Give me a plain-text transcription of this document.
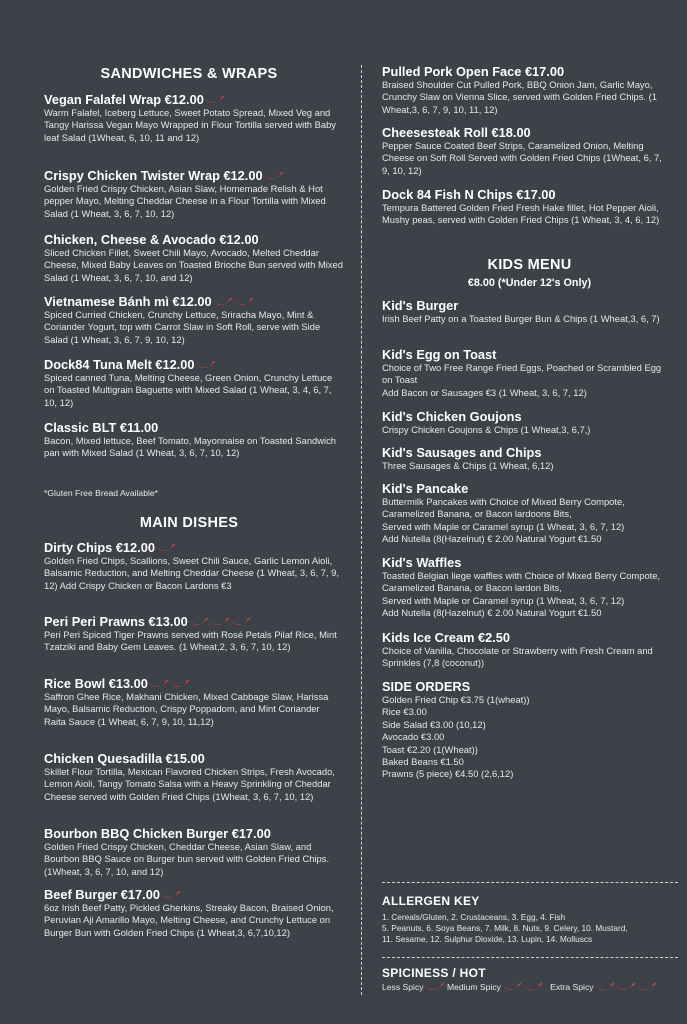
SANDWICHES & WRAPS
Vegan Falafel Wrap €12.00
Warm Falafel, Iceberg Lettuce, Sweet Potato Spread, Mixed Veg and Tangy Harissa Vegan Mayo Wrapped in Flour Tortilla served with Baby leaf Salad (1Wheat, 6, 10, 11 and 12)
Crispy Chicken Twister Wrap €12.00
Golden Fried Crispy Chicken, Asian Slaw, Homemade Relish & Hot pepper Mayo, Melting Cheddar Cheese in a Flour Tortilla with Mixed Salad (1 Wheat, 3, 6, 7, 10, 12)
Chicken, Cheese & Avocado €12.00
Sliced Chicken Fillet, Sweet Chili Mayo, Avocado, Melted Cheddar Cheese, Mixed Baby Leaves on Toasted Brioche Bun served with Mixed Salad (1 Wheat, 3, 6, 7, 10, and 12)
Vietnamese Bánh mì €12.00
Spiced Curried Chicken, Crunchy Lettuce, Sriracha Mayo, Mint & Coriander Yogurt, top with Carrot Slaw in Soft Roll, serve with Side Salad (1 Wheat, 3, 6, 7, 9, 10, 12)
Dock84 Tuna Melt €12.00
Spiced canned Tuna, Melting Cheese, Green Onion, Crunchy Lettuce on Toasted Multigrain Baguette with Mixed Salad (1 Wheat, 3, 4, 6, 7, 10, 12)
Classic BLT €11.00
Bacon, Mixed lettuce, Beef Tomato, Mayonnaise on Toasted Sandwich pan with Mixed Salad (1 Wheat, 3, 6, 7, 10, 12)
*Gluten Free Bread Available*
MAIN DISHES
Dirty Chips €12.00
Golden Fried Chips, Scallions, Sweet Chili Sauce, Garlic Lemon Aioli, Balsamic Reduction, and Melting Cheddar Cheese (1 Wheat, 3, 6, 7, 9, 12) Add Crispy Chicken or Bacon Lardons €3
Peri Peri Prawns €13.00
Peri Peri Spiced Tiger Prawns served with Rosé Petals Pilaf Rice, Mint Tzatziki and Baby Gem Leaves. (1 Wheat,2, 3, 6, 7, 10, 12)
Rice Bowl €13.00
Saffron Ghee Rice, Makhani Chicken, Mixed Cabbage Slaw, Harissa Mayo, Balsamic Reduction, Crispy Poppadom, and Mint Coriander Raita Sauce (1 Wheat, 6, 7, 9, 10, 11,12)
Chicken Quesadilla €15.00
Skillet Flour Tortilla, Mexican Flavored Chicken Strips, Fresh Avocado, Lemon Aioli, Tangy Tomato Salsa with a Heavy Sprinkling of Cheddar Cheese served with Golden Fried Chips (1Wheat, 3, 6, 7, 10, 12)
Bourbon BBQ Chicken Burger €17.00
Golden Fried Crispy Chicken, Cheddar Cheese, Asian Slaw, and Bourbon BBQ Sauce on Burger bun served with Golden Fried Chips. (1Wheat, 3, 6, 7, 10, and 12)
Beef Burger €17.00
6oz Irish Beef Patty, Pickled Gherkins, Streaky Bacon, Braised Onion, Peruvian Aji Amarillo Mayo, Melting Cheese, and Crunchy Lettuce on Burger Bun with Golden Fried Chips (1 Wheat,3, 6,7,10,12)
Pulled Pork Open Face €17.00
Braised Shoulder Cut Pulled Pork, BBQ Onion Jam, Garlic Mayo, Crunchy Slaw on Vienna Slice, served with Golden Fried Chips. (1 Wheat,3, 6, 7, 9, 10, 11, 12)
Cheesesteak Roll €18.00
Pepper Sauce Coated Beef Strips, Caramelized Onion, Melting Cheese on Soft Roll Served with Golden Fried Chips (1Wheat, 6, 7, 9, 10, 12)
Dock 84 Fish N Chips €17.00
Tempura Battered Golden Fried Fresh Hake fillet, Hot Pepper Aioli, Mushy peas, served with Golden Fried Chips (1 Wheat, 3, 4, 6, 12)
KIDS MENU
€8.00 (*Under 12's Only)
Kid's Burger
Irish Beef Patty on a Toasted Burger Bun & Chips (1 Wheat,3, 6, 7)
Kid's Egg on Toast
Choice of Two Free Range Fried Eggs, Poached or Scrambled Egg on Toast
Add Bacon or Sausages €3 (1 Wheat, 3, 6, 7, 12)
Kid's Chicken Goujons
Crispy Chicken Goujons & Chips (1 Wheat,3, 6,7,)
Kid's Sausages and Chips
Three Sausages & Chips (1 Wheat, 6,12)
Kid's Pancake
Buttermilk Pancakes with Choice of Mixed Berry Compote, Caramelized Banana, or Bacon lardoons Bits,
Served with Maple or Caramel syrup (1 Wheat, 3, 6, 7, 12)
Add Nutella (8(Hazelnut) € 2.00 Natural Yogurt €1.50
Kid's Waffles
Toasted Belgian liege waffles with Choice of Mixed Berry Compote, Caramelized Banana, or Bacon lardon Bits,
Served with Maple or Caramel syrup (1 Wheat, 3, 6, 7, 12)
Add Nutella (8(Hazelnut) € 2.00 Natural Yogurt €1.50
Kids Ice Cream €2.50
Choice of Vanilla, Chocolate or Strawberry with Fresh Cream and Sprinkles (7,8 (coconut))
SIDE ORDERS
Golden Fried Chip €3.75 (1(wheat))
Rice €3.00
Side Salad €3.00 (10,12)
Avocado €3.00
Toast €2.20 (1(Wheat))
Baked Beans €1.50
Prawns (5 piece) €4.50 (2,6,12)
ALLERGEN KEY
1. Cereals/Gluten, 2. Crustaceans, 3. Egg, 4. Fish
5. Peanuts, 6. Soya Beans, 7. Milk, 8. Nuts, 9. Celery, 10. Mustard,
11. Sesame, 12. Sulphur Dioxide, 13. Lupin, 14. Molluscs
SPICINESS / HOT
Less Spicy	Medium Spicy	Extra Spicy
